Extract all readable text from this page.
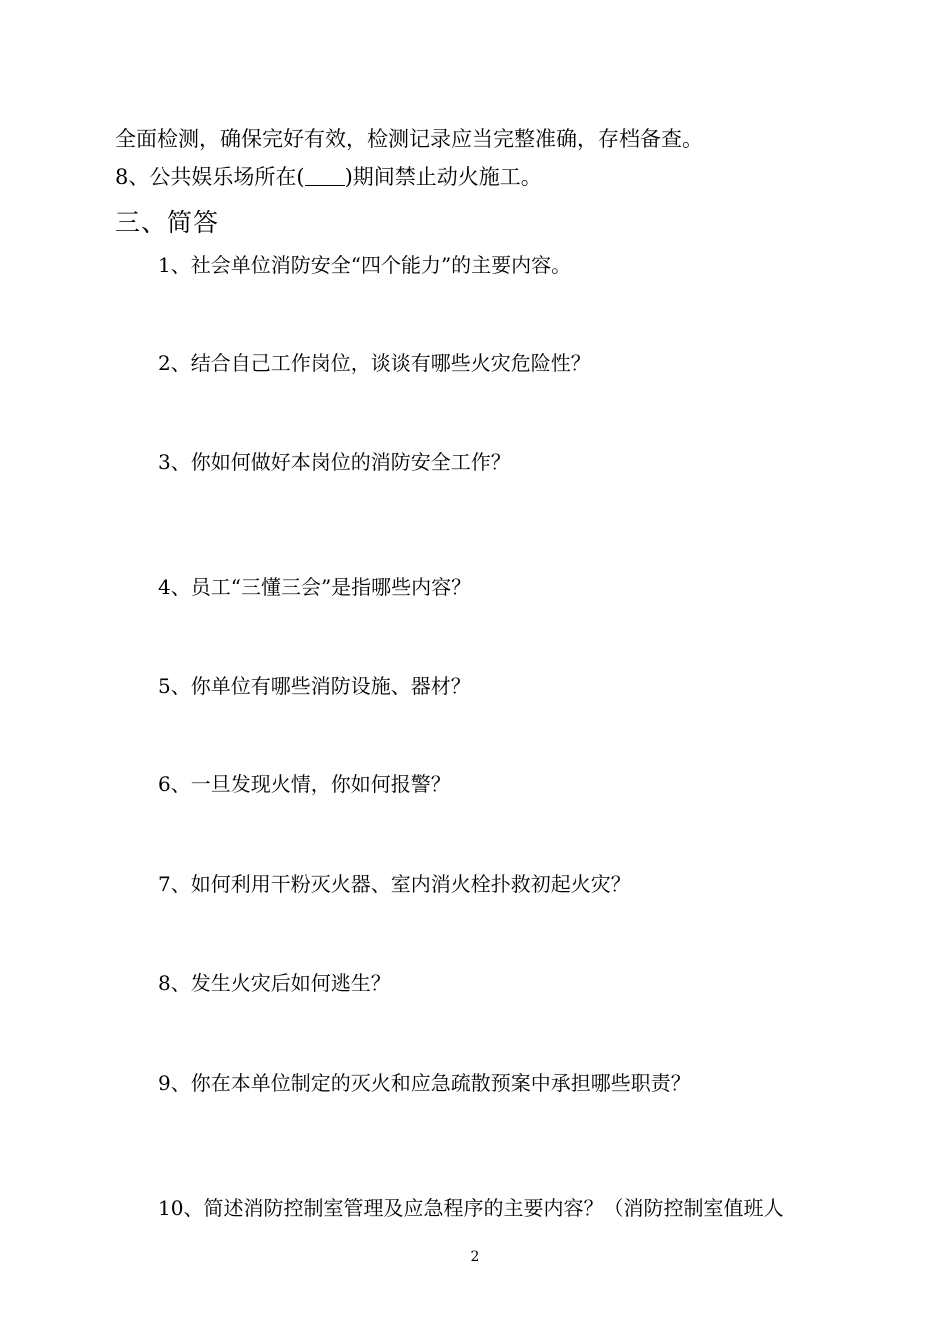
全面检测，确保完好有效，检测记录应当完整准确，存档备查。
8、公共娱乐场所在( )期间禁止动火施工。
三、简答
1、社会单位消防安全“四个能力”的主要内容。
2、结合自己工作岗位，谈谈有哪些火灾危险性？
3、你如何做好本岗位的消防安全工作？
4、员工“三懂三会”是指哪些内容？
5、你单位有哪些消防设施、器材？
6、一旦发现火情，你如何报警？
7、如何利用干粉灭火器、室内消火栓扑救初起火灾？
8、发生火灾后如何逃生？
9、你在本单位制定的灭火和应急疏散预案中承担哪些职责？
10、简述消防控制室管理及应急程序的主要内容？（消防控制室值班人
2
